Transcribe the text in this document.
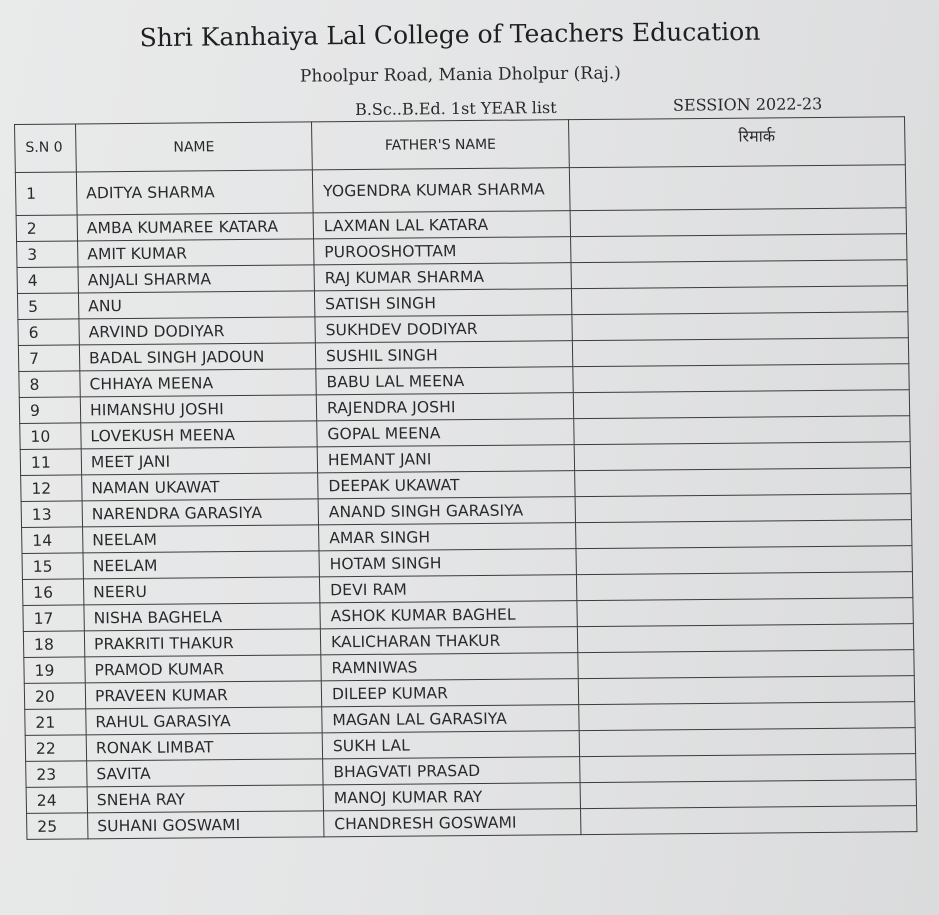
Shri Kanhaiya Lal College of Teachers Education
Phoolpur Road, Mania Dholpur (Raj.)
B.Sc..B.Ed. 1st YEAR list	SESSION 2022-23
S.N 0	NAME	FATHER'S NAME	रिमार्क
1	ADITYA SHARMA	YOGENDRA KUMAR SHARMA	
2	AMBA KUMAREE KATARA	LAXMAN LAL KATARA	
3	AMIT KUMAR	PUROOSHOTTAM	
4	ANJALI SHARMA	RAJ KUMAR SHARMA	
5	ANU	SATISH SINGH	
6	ARVIND DODIYAR	SUKHDEV DODIYAR	
7	BADAL SINGH JADOUN	SUSHIL SINGH	
8	CHHAYA MEENA	BABU LAL MEENA	
9	HIMANSHU JOSHI	RAJENDRA JOSHI	
10	LOVEKUSH MEENA	GOPAL MEENA	
11	MEET JANI	HEMANT JANI	
12	NAMAN UKAWAT	DEEPAK UKAWAT	
13	NARENDRA GARASIYA	ANAND SINGH GARASIYA	
14	NEELAM	AMAR SINGH	
15	NEELAM	HOTAM SINGH	
16	NEERU	DEVI RAM	
17	NISHA BAGHELA	ASHOK KUMAR BAGHEL	
18	PRAKRITI THAKUR	KALICHARAN THAKUR	
19	PRAMOD KUMAR	RAMNIWAS	
20	PRAVEEN KUMAR	DILEEP KUMAR	
21	RAHUL GARASIYA	MAGAN LAL GARASIYA	
22	RONAK LIMBAT	SUKH LAL	
23	SAVITA	BHAGVATI PRASAD	
24	SNEHA RAY	MANOJ KUMAR RAY	
25	SUHANI GOSWAMI	CHANDRESH GOSWAMI	
